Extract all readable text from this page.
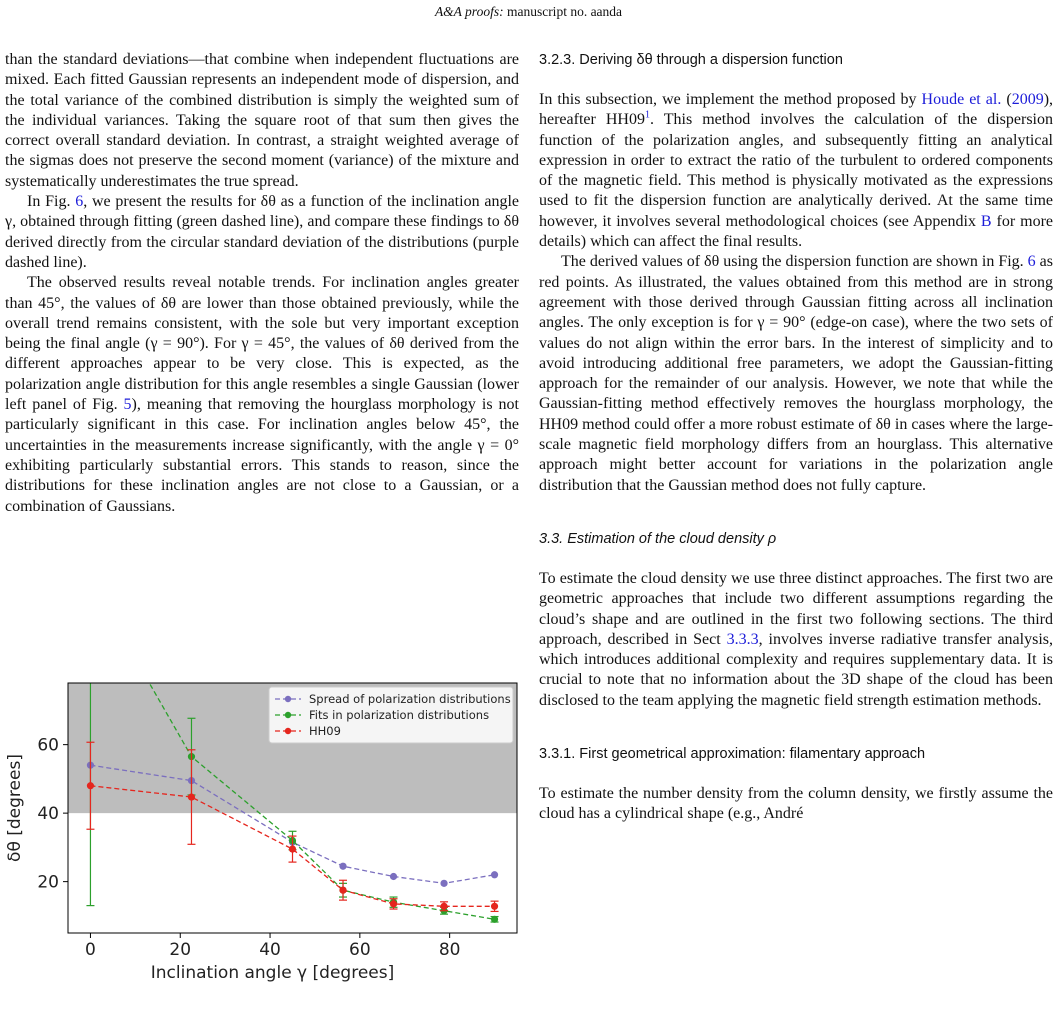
A&A proofs: manuscript no. aanda

than the standard deviations—that combine when independent fluctuations are mixed. Each fitted Gaussian represents an independent mode of dispersion, and the total variance of the combined distribution is simply the weighted sum of the individual variances. Taking the square root of that sum then gives the correct overall standard deviation. In contrast, a straight weighted average of the sigmas does not preserve the second moment (variance) of the mixture and systematically underestimates the true spread.

In Fig. 6, we present the results for δθ as a function of the inclination angle γ, obtained through fitting (green dashed line), and compare these findings to δθ derived directly from the circular standard deviation of the distributions (purple dashed line).

The observed results reveal notable trends. For inclination angles greater than 45°, the values of δθ are lower than those obtained previously, while the overall trend remains consistent, with the sole but very important exception being the final angle (γ = 90°). For γ = 45°, the values of δθ derived from the different approaches appear to be very close. This is expected, as the polarization angle distribution for this angle resembles a single Gaussian (lower left panel of Fig. 5), meaning that removing the hourglass morphology is not particularly significant in this case. For inclination angles below 45°, the uncertainties in the measurements increase significantly, with the angle γ = 0° exhibiting particularly substantial errors. This stands to reason, since the distributions for these inclination angles are not close to a Gaussian, or a combination of Gaussians.

3.2.3. Deriving δθ through a dispersion function

In this subsection, we implement the method proposed by Houde et al. (2009), hereafter $HH09^1$. This method involves the calculation of the dispersion function of the polarization angles, and subsequently fitting an analytical expression in order to extract the ratio of the turbulent to ordered components of the magnetic field. This method is physically motivated as the expressions used to fit the dispersion function are analytically derived. At the same time however, it involves several methodological choices (see Appendix B for more details) which can affect the final results.

The derived values of δθ using the dispersion function are shown in Fig. 6 as red points. As illustrated, the values obtained from this method are in strong agreement with those derived through Gaussian fitting across all inclination angles. The only exception is for γ = 90° (edge-on case), where the two sets of values do not align within the error bars. In the interest of simplicity and to avoid introducing additional free parameters, we adopt the Gaussian-fitting approach for the remainder of our analysis. However, we note that while the Gaussian-fitting method effectively removes the hourglass morphology, the HH09 method could offer a more robust estimate of δθ in cases where the large-scale magnetic field morphology differs from an hourglass. This alternative approach might better account for variations in the polarization angle distribution that the Gaussian method does not fully capture.

3.3. Estimation of the cloud density ρ

To estimate the cloud density we use three distinct approaches. The first two are geometric approaches that include two different assumptions regarding the cloud’s shape and are outlined in the first two following sections. The third approach, described in Sect 3.3.3, involves inverse radiative transfer analysis, which introduces additional complexity and requires supplementary data. It is crucial to note that no information about the 3D shape of the cloud has been disclosed to the team applying the magnetic field strength estimation methods.

3.3.1. First geometrical approximation: filamentary approach

To estimate the number density from the column density, we firstly assume the cloud has a cylindrical shape (e.g., André

0	20	40	60	80
20
40
60
Inclination angle γ [degrees]
δθ [degrees]
Spread of polarization distributions
Fits in polarization distributions
HH09
